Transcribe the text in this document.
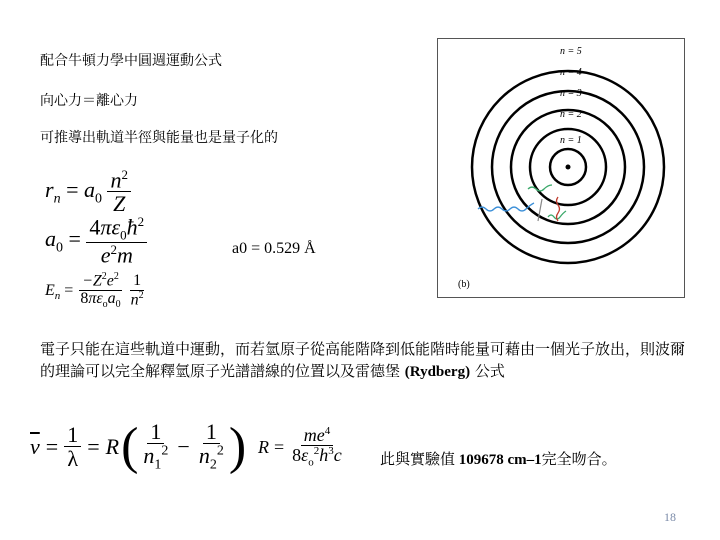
配合牛頓力學中圓週運動公式
向心力＝離心力
可推導出軌道半徑與能量也是量子化的
$r_n = a_0 \frac{n^2}{Z}$
$a_0 = \frac{4\pi\varepsilon_0ħ^2}{e^2m}$	a0 = 0.529 Å
$E_n = \frac{-Z^2e^2}{8\pi\varepsilon_oa_0}$
$\frac{1}{n^2}$
n = 5
n = 4
n = 3
n = 2
n = 1
(b)
電子只能在這些軌道中運動，而若氫原子從高能階降到低能階時能量可藉由一個光子放出，則波爾的理論可以完全解釋氫原子光譜譜線的位置以及雷德堡 (Rydberg) 公式
$\overline{\nu} = \frac{1}{\lambda} = R$ ( $\frac{1}{n_1^2} - \frac{1}{n_2^2}$ ) $R = \frac{me^4}{8\varepsilon_o^2h^3c}$ 此與實驗值 109678 cm–1完全吻合。
18
